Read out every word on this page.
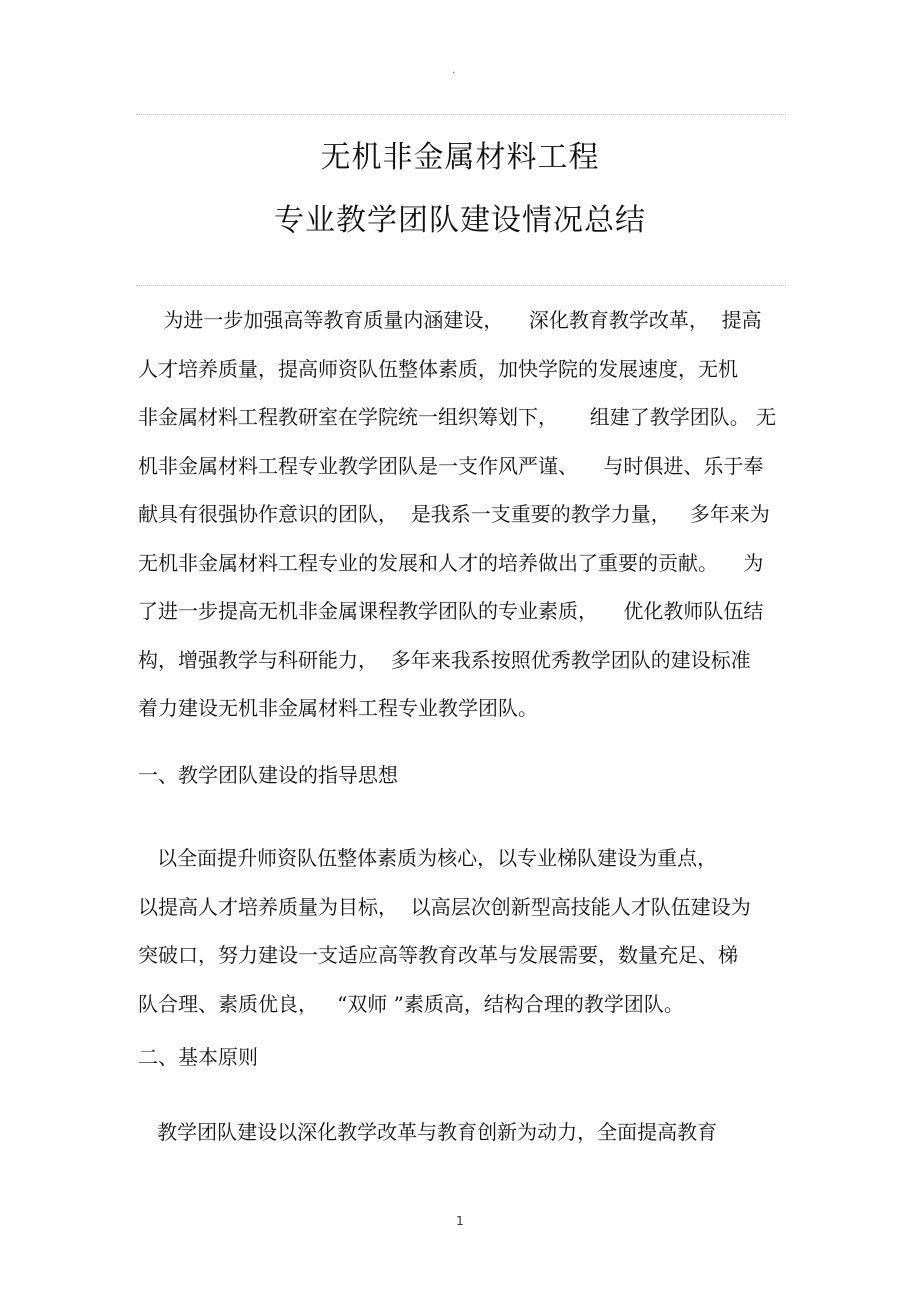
.
无机非金属材料工程
专业教学团队建设情况总结
为进一步加强高等教育质量内涵建设，    深化教育教学改革，  提高
人才培养质量，提高师资队伍整体素质，加快学院的发展速度，无机
非金属材料工程教研室在学院统一组织筹划下，     组建了教学团队。 无
机非金属材料工程专业教学团队是一支作风严谨、    与时俱进、乐于奉
献具有很强协作意识的团队，  是我系一支重要的教学力量，   多年来为
无机非金属材料工程专业的发展和人才的培养做出了重要的贡献。    为
了进一步提高无机非金属课程教学团队的专业素质，    优化教师队伍结
构，增强教学与科研能力，  多年来我系按照优秀教学团队的建设标准
着力建设无机非金属材料工程专业教学团队。
一、教学团队建设的指导思想
以全面提升师资队伍整体素质为核心，以专业梯队建设为重点，
以提高人才培养质量为目标，  以高层次创新型高技能人才队伍建设为
突破口，努力建设一支适应高等教育改革与发展需要，数量充足、梯
队合理、素质优良，   “双师 ”素质高，结构合理的教学团队。
二、基本原则
教学团队建设以深化教学改革与教育创新为动力，全面提高教育
1
